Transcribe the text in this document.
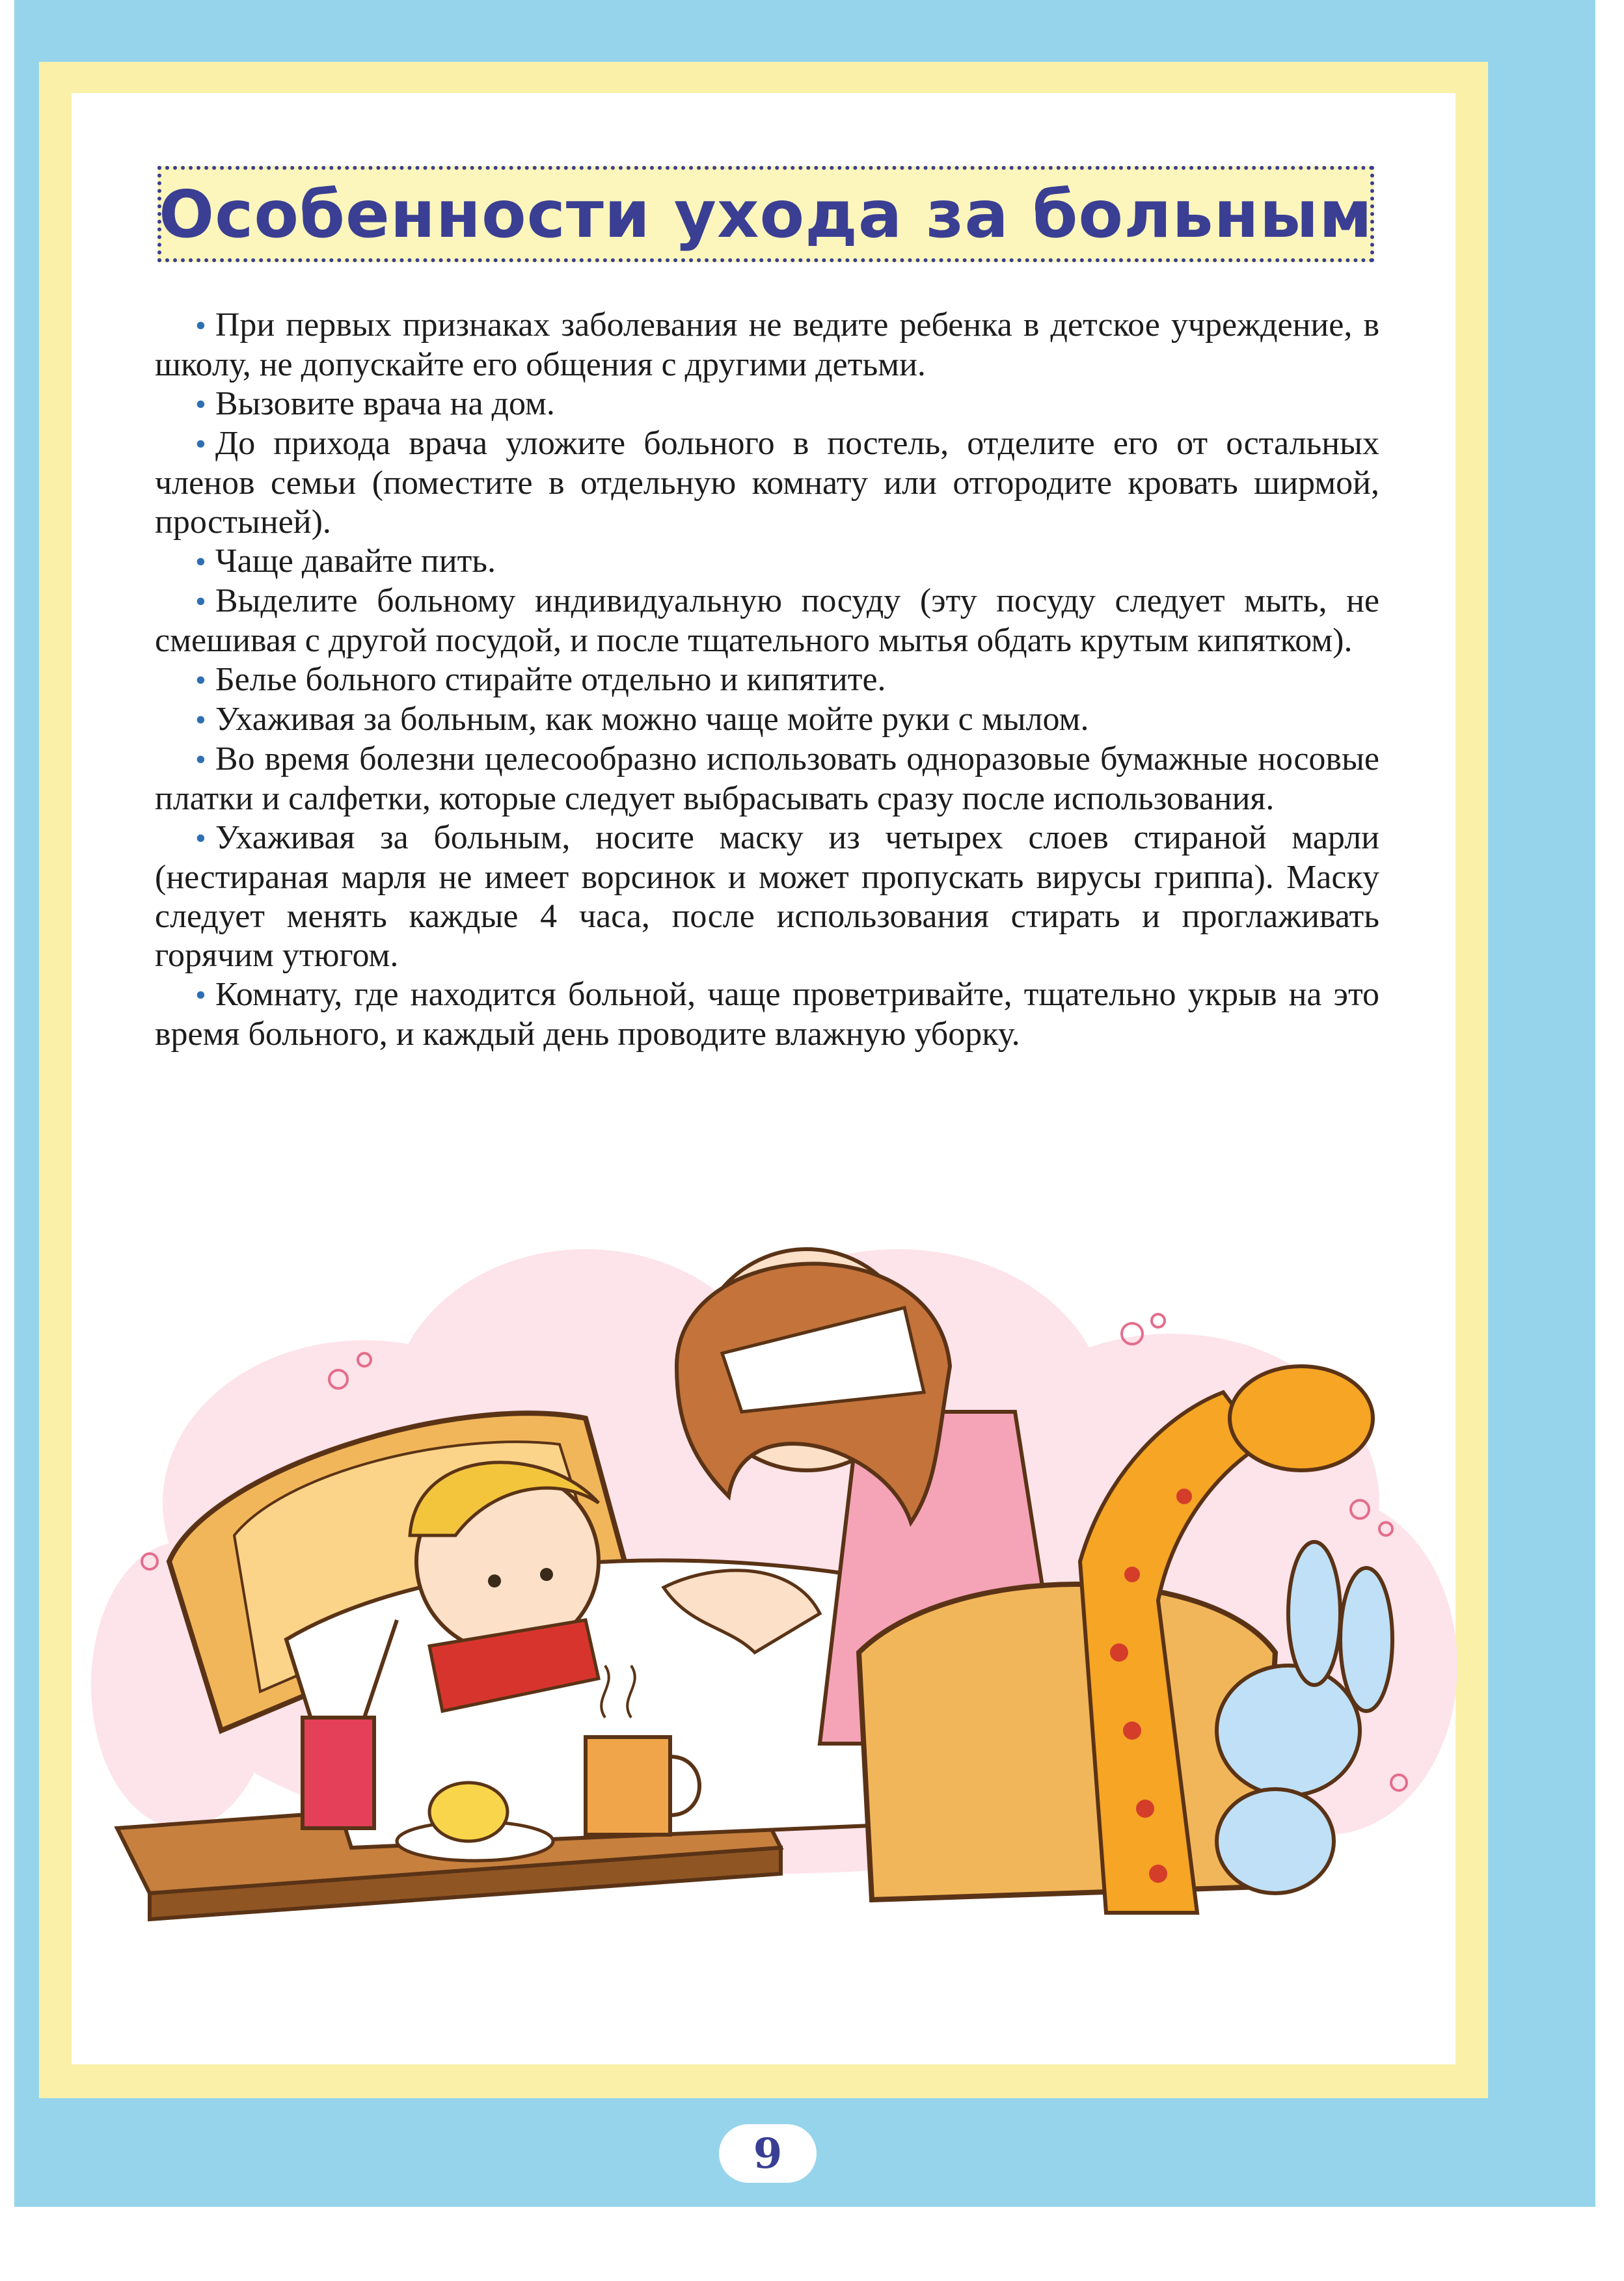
Особенности ухода за больным

• При первых признаках заболевания не ведите ребенка в детское учреждение, в школу, не допускайте его общения с другими детьми.

• Вызовите врача на дом.

• До прихода врача уложите больного в постель, отделите его от остальных членов семьи (поместите в отдельную комнату или отгородите кровать ширмой, простыней).

• Чаще давайте пить.

• Выделите больному индивидуальную посуду (эту посуду следует мыть, не смешивая с другой посудой, и после тщательного мытья обдать крутым кипятком).

• Белье больного стирайте отдельно и кипятите.

• Ухаживая за больным, как можно чаще мойте руки с мылом.

• Во время болезни целесообразно использовать одноразовые бумажные носовые платки и салфетки, которые следует выбрасывать сразу после использования.

• Ухаживая за больным, носите маску из четырех слоев стираной марли (нестираная марля не имеет ворсинок и может пропускать вирусы гриппа). Маску следует менять каждые 4 часа, после использования стирать и проглаживать горячим утюгом.

• Комнату, где находится больной, чаще проветривайте, тщательно укрыв на это время больного, и каждый день проводите влажную уборку.

9
